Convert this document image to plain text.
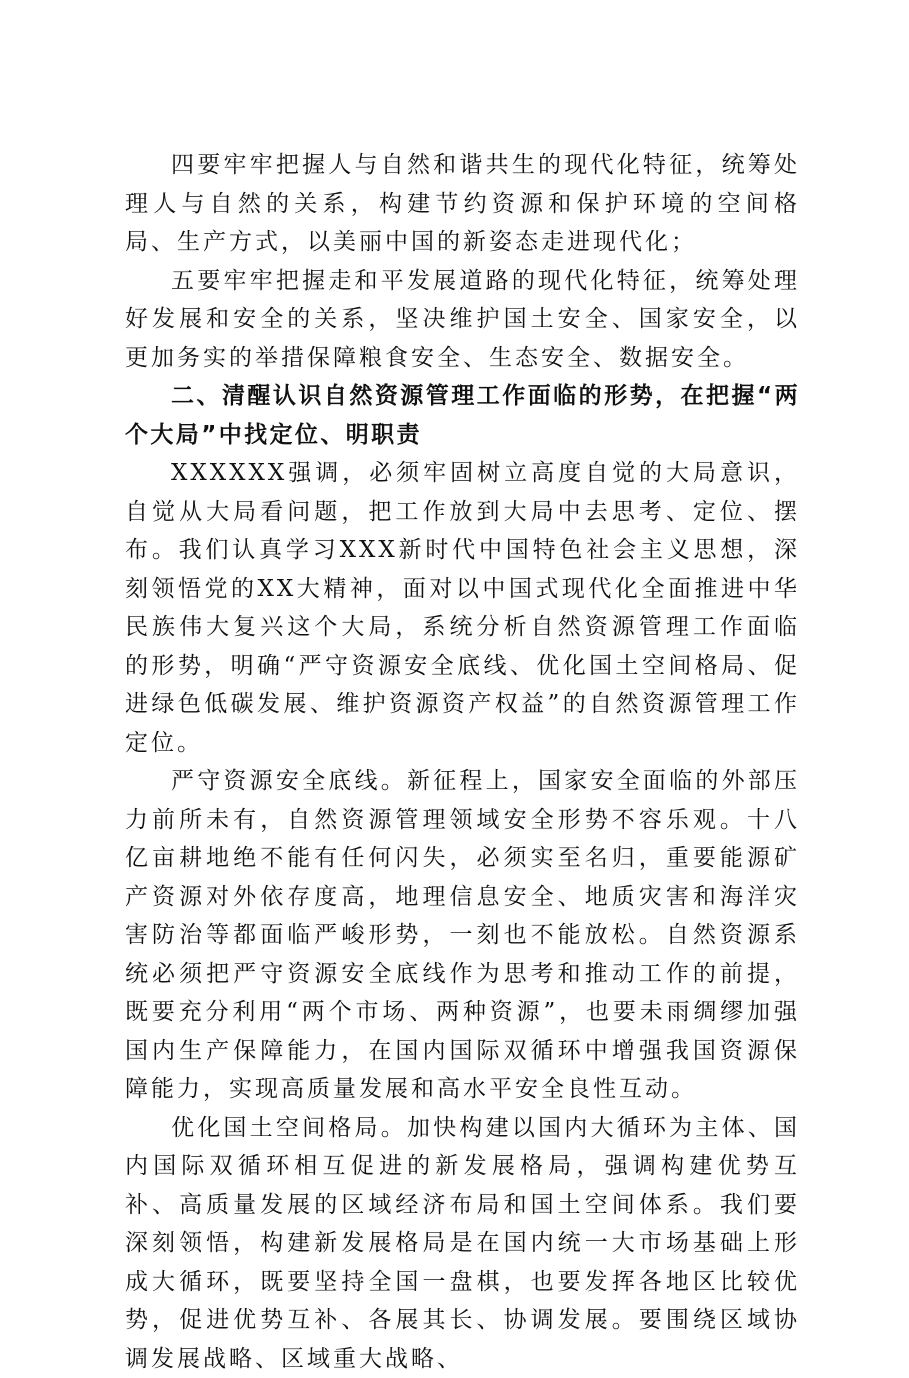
四要牢牢把握人与自然和谐共生的现代化特征，统筹处理人与自然的关系，构建节约资源和保护环境的空间格局、生产方式，以美丽中国的新姿态走进现代化；

五要牢牢把握走和平发展道路的现代化特征，统筹处理好发展和安全的关系，坚决维护国土安全、国家安全，以更加务实的举措保障粮食安全、生态安全、数据安全。

二、清醒认识自然资源管理工作面临的形势，在把握“两个大局”中找定位、明职责

XXXXXX强调，必须牢固树立高度自觉的大局意识，自觉从大局看问题，把工作放到大局中去思考、定位、摆布。我们认真学习XXX新时代中国特色社会主义思想，深刻领悟党的XX大精神，面对以中国式现代化全面推进中华民族伟大复兴这个大局，系统分析自然资源管理工作面临的形势，明确“严守资源安全底线、优化国土空间格局、促进绿色低碳发展、维护资源资产权益”的自然资源管理工作定位。

严守资源安全底线。新征程上，国家安全面临的外部压力前所未有，自然资源管理领域安全形势不容乐观。十八亿亩耕地绝不能有任何闪失，必须实至名归，重要能源矿产资源对外依存度高，地理信息安全、地质灾害和海洋灾害防治等都面临严峻形势，一刻也不能放松。自然资源系统必须把严守资源安全底线作为思考和推动工作的前提，既要充分利用“两个市场、两种资源”，也要未雨绸缪加强国内生产保障能力，在国内国际双循环中增强我国资源保障能力，实现高质量发展和高水平安全良性互动。

优化国土空间格局。加快构建以国内大循环为主体、国内国际双循环相互促进的新发展格局，强调构建优势互补、高质量发展的区域经济布局和国土空间体系。我们要深刻领悟，构建新发展格局是在国内统一大市场基础上形成大循环，既要坚持全国一盘棋，也要发挥各地区比较优势，促进优势互补、各展其长、协调发展。要围绕区域协调发展战略、区域重大战略、
